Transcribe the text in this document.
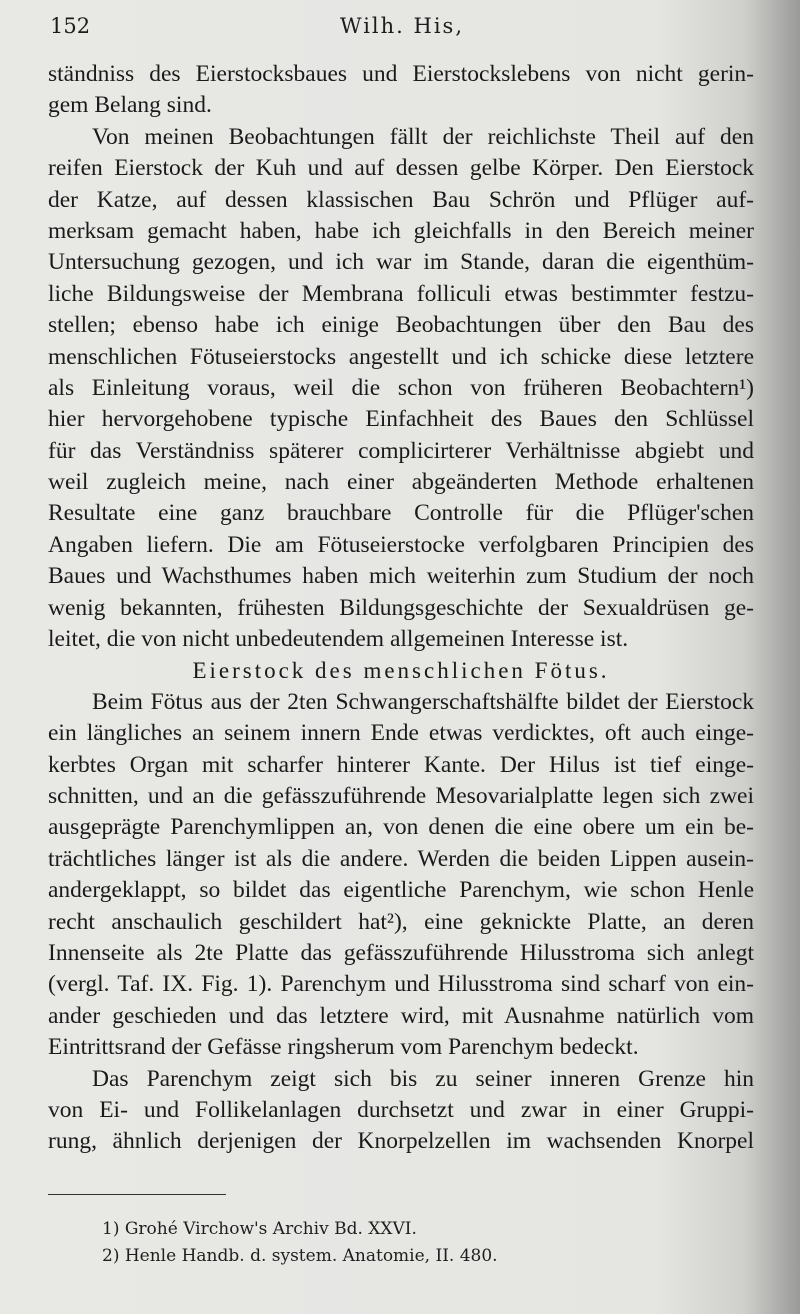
152	Wilh. His,
ständniss des Eierstocksbaues und Eierstockslebens von nicht gerin-
gem Belang sind.
Von meinen Beobachtungen fällt der reichlichste Theil auf den
reifen Eierstock der Kuh und auf dessen gelbe Körper. Den Eierstock
der Katze, auf dessen klassischen Bau Schrön und Pflüger auf-
merksam gemacht haben, habe ich gleichfalls in den Bereich meiner
Untersuchung gezogen, und ich war im Stande, daran die eigenthüm-
liche Bildungsweise der Membrana folliculi etwas bestimmter festzu-
stellen; ebenso habe ich einige Beobachtungen über den Bau des
menschlichen Fötuseierstocks angestellt und ich schicke diese letztere
als Einleitung voraus, weil die schon von früheren Beobachtern¹)
hier hervorgehobene typische Einfachheit des Baues den Schlüssel
für das Verständniss späterer complicirterer Verhältnisse abgiebt und
weil zugleich meine, nach einer abgeänderten Methode erhaltenen
Resultate eine ganz brauchbare Controlle für die Pflüger'schen
Angaben liefern. Die am Fötuseierstocke verfolgbaren Principien des
Baues und Wachsthumes haben mich weiterhin zum Studium der noch
wenig bekannten, frühesten Bildungsgeschichte der Sexualdrüsen ge-
leitet, die von nicht unbedeutendem allgemeinen Interesse ist.
Eierstock des menschlichen Fötus.
Beim Fötus aus der 2ten Schwangerschaftshälfte bildet der Eierstock
ein längliches an seinem innern Ende etwas verdicktes, oft auch einge-
kerbtes Organ mit scharfer hinterer Kante. Der Hilus ist tief einge-
schnitten, und an die gefässzuführende Mesovarialplatte legen sich zwei
ausgeprägte Parenchymlippen an, von denen die eine obere um ein be-
trächtliches länger ist als die andere. Werden die beiden Lippen ausein-
andergeklappt, so bildet das eigentliche Parenchym, wie schon Henle
recht anschaulich geschildert hat²), eine geknickte Platte, an deren
Innenseite als 2te Platte das gefässzuführende Hilusstroma sich anlegt
(vergl. Taf. IX. Fig. 1). Parenchym und Hilusstroma sind scharf von ein-
ander geschieden und das letztere wird, mit Ausnahme natürlich vom
Eintrittsrand der Gefässe ringsherum vom Parenchym bedeckt.
Das Parenchym zeigt sich bis zu seiner inneren Grenze hin
von Ei- und Follikelanlagen durchsetzt und zwar in einer Gruppi-
rung, ähnlich derjenigen der Knorpelzellen im wachsenden Knorpel
1) Grohé Virchow's Archiv Bd. XXVI.
2) Henle Handb. d. system. Anatomie, II. 480.
